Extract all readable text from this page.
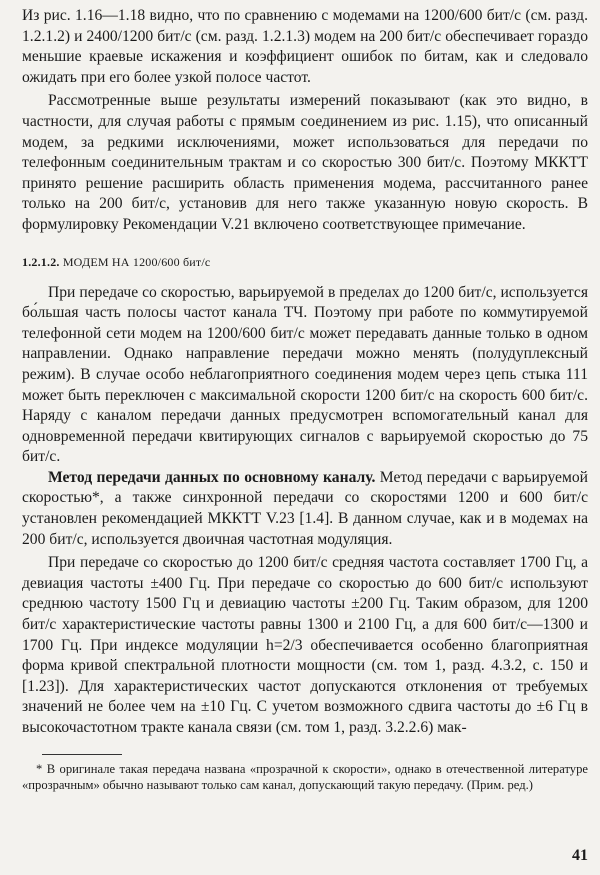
Из рис. 1.16—1.18 видно, что по сравнению с модемами на 1200/600 бит/с (см. разд. 1.2.1.2) и 2400/1200 бит/с (см. разд. 1.2.1.3) модем на 200 бит/с обеспечивает гораздо меньшие краевые искажения и коэффициент ошибок по битам, как и следовало ожидать при его более узкой полосе частот.

Рассмотренные выше результаты измерений показывают (как это видно, в частности, для случая работы с прямым соединением из рис. 1.15), что описанный модем, за редкими исключениями, может использоваться для передачи по телефонным соединительным трактам и со скоростью 300 бит/с. Поэтому МККТТ принято решение расширить область применения модема, рассчитанного ранее только на 200 бит/с, установив для него также указанную новую скорость. В формулировку Рекомендации V.21 включено соответствующее примечание.

1.2.1.2. МОДЕМ НА 1200/600 бит/с

При передаче со скоростью, варьируемой в пределах до 1200 бит/с, используется бо́льшая часть полосы частот канала ТЧ. Поэтому при работе по коммутируемой телефонной сети модем на 1200/600 бит/с может передавать данные только в одном направлении. Однако направление передачи можно менять (полудуплексный режим). В случае особо неблагоприятного соединения модем через цепь стыка 111 может быть переключен с максимальной скорости 1200 бит/с на скорость 600 бит/с. Наряду с каналом передачи данных предусмотрен вспомогательный канал для одновременной передачи квитирующих сигналов с варьируемой скоростью до 75 бит/с.

Метод передачи данных по основному каналу. Метод передачи с варьируемой скоростью*, а также синхронной передачи со скоростями 1200 и 600 бит/с установлен рекомендацией МККТТ V.23 [1.4]. В данном случае, как и в модемах на 200 бит/с, используется двоичная частотная модуляция.

При передаче со скоростью до 1200 бит/с средняя частота составляет 1700 Гц, а девиация частоты ±400 Гц. При передаче со скоростью до 600 бит/с используют среднюю частоту 1500 Гц и девиацию частоты ±200 Гц. Таким образом, для 1200 бит/с характеристические частоты равны 1300 и 2100 Гц, а для 600 бит/с—1300 и 1700 Гц. При индексе модуляции h=2/3 обеспечивается особенно благоприятная форма кривой спектральной плотности мощности (см. том 1, разд. 4.3.2, с. 150 и [1.23]). Для характеристических частот допускаются отклонения от требуемых значений не более чем на ±10 Гц. С учетом возможного сдвига частоты до ±6 Гц в высокочастотном тракте канала связи (см. том 1, разд. 3.2.2.6) мак-

* В оригинале такая передача названа «прозрачной к скорости», однако в отечественной литературе «прозрачным» обычно называют только сам канал, допускающий такую передачу. (Прим. ред.)

41
